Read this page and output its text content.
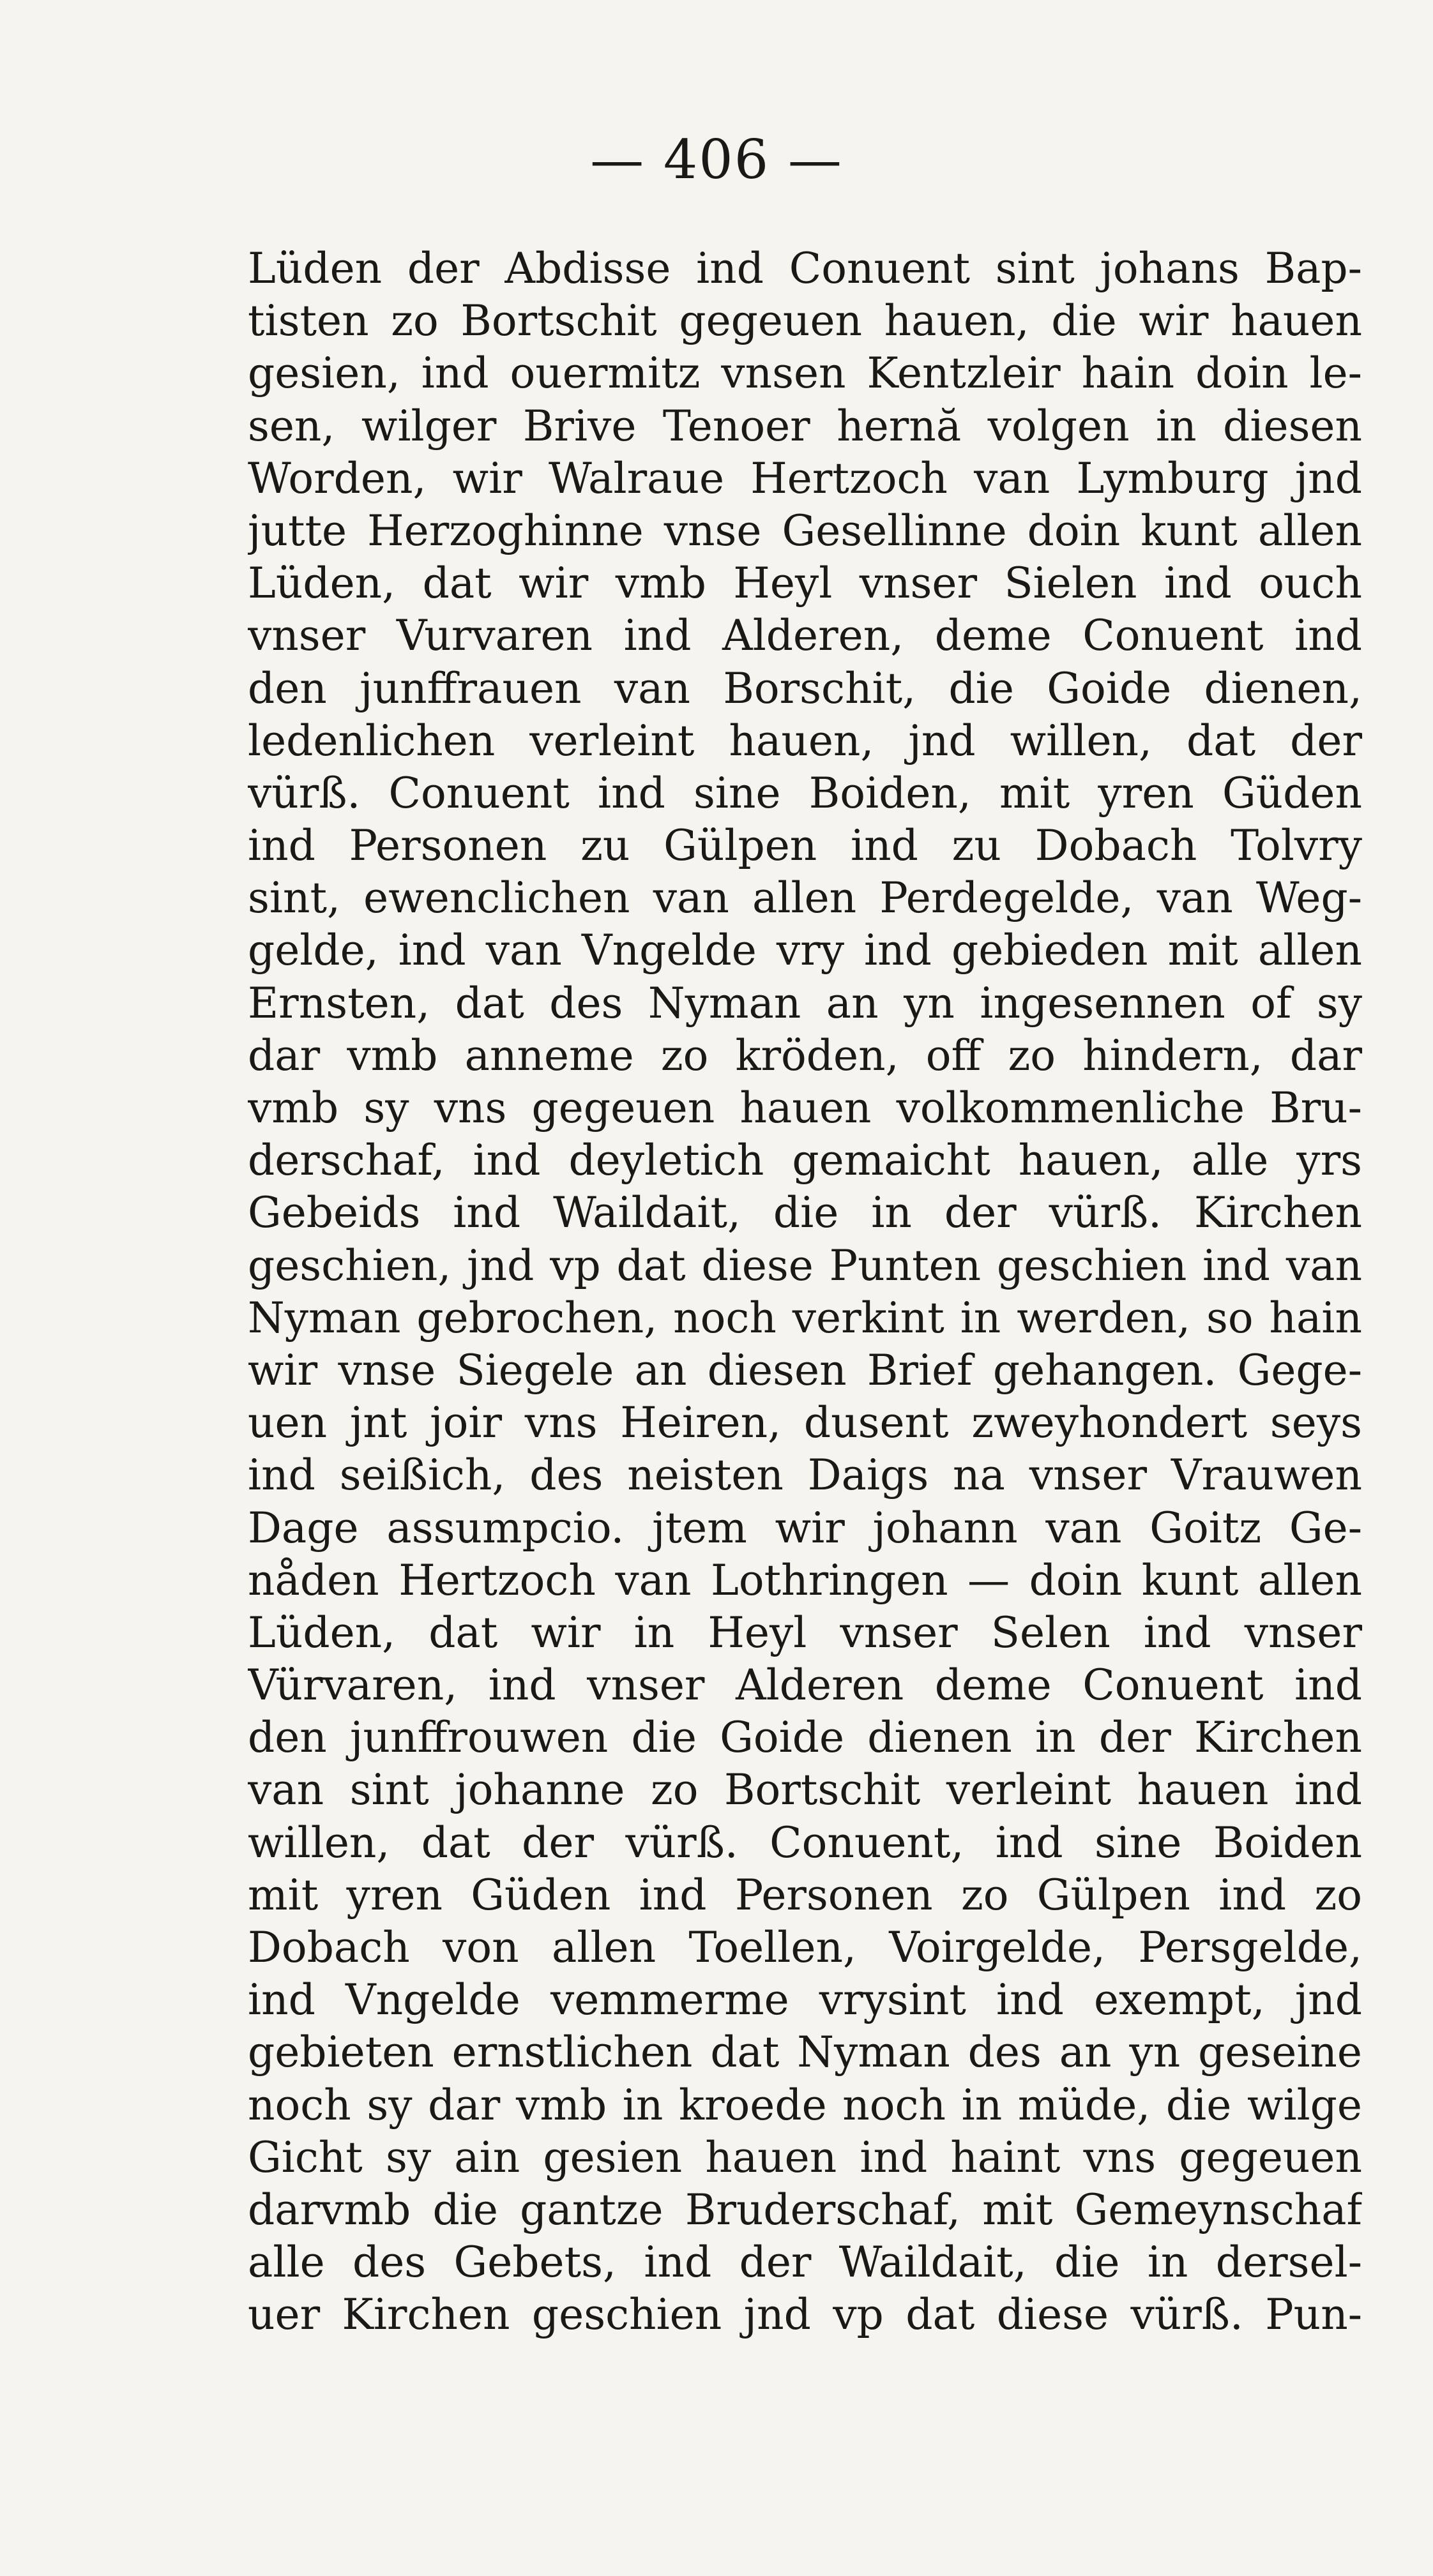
— 406 —
Lüden der Abdisse ind Conuent sint johans Bap-
tisten zo Bortschit gegeuen hauen, die wir hauen
gesien, ind ouermitz vnsen Kentzleir hain doin le-
sen, wilger Brive Tenoer hernă volgen in diesen
Worden, wir Walraue Hertzoch van Lymburg jnd
jutte Herzoghinne vnse Gesellinne doin kunt allen
Lüden, dat wir vmb Heyl vnser Sielen ind ouch
vnser Vurvaren ind Alderen, deme Conuent ind
den junffrauen van Borschit, die Goide dienen,
ledenlichen verleint hauen, jnd willen, dat der
vürß. Conuent ind sine Boiden, mit yren Güden
ind Personen zu Gülpen ind zu Dobach Tolvry
sint, ewenclichen van allen Perdegelde, van Weg-
gelde, ind van Vngelde vry ind gebieden mit allen
Ernsten, dat des Nyman an yn ingesennen of sy
dar vmb anneme zo kröden, off zo hindern, dar
vmb sy vns gegeuen hauen volkommenliche Bru-
derschaf, ind deyletich gemaicht hauen, alle yrs
Gebeids ind Waildait, die in der vürß. Kirchen
geschien, jnd vp dat diese Punten geschien ind van
Nyman gebrochen, noch verkint in werden, so hain
wir vnse Siegele an diesen Brief gehangen. Gege-
uen jnt joir vns Heiren, dusent zweyhondert seys
ind seißich, des neisten Daigs na vnser Vrauwen
Dage assumpcio. jtem wir johann van Goitz Ge-
nåden Hertzoch van Lothringen — doin kunt allen
Lüden, dat wir in Heyl vnser Selen ind vnser
Vürvaren, ind vnser Alderen deme Conuent ind
den junffrouwen die Goide dienen in der Kirchen
van sint johanne zo Bortschit verleint hauen ind
willen, dat der vürß. Conuent, ind sine Boiden
mit yren Güden ind Personen zo Gülpen ind zo
Dobach von allen Toellen, Voirgelde, Persgelde,
ind Vngelde vemmerme vrysint ind exempt, jnd
gebieten ernstlichen dat Nyman des an yn geseine
noch sy dar vmb in kroede noch in müde, die wilge
Gicht sy ain gesien hauen ind haint vns gegeuen
darvmb die gantze Bruderschaf, mit Gemeynschaf
alle des Gebets, ind der Waildait, die in dersel-
uer Kirchen geschien jnd vp dat diese vürß. Pun-
